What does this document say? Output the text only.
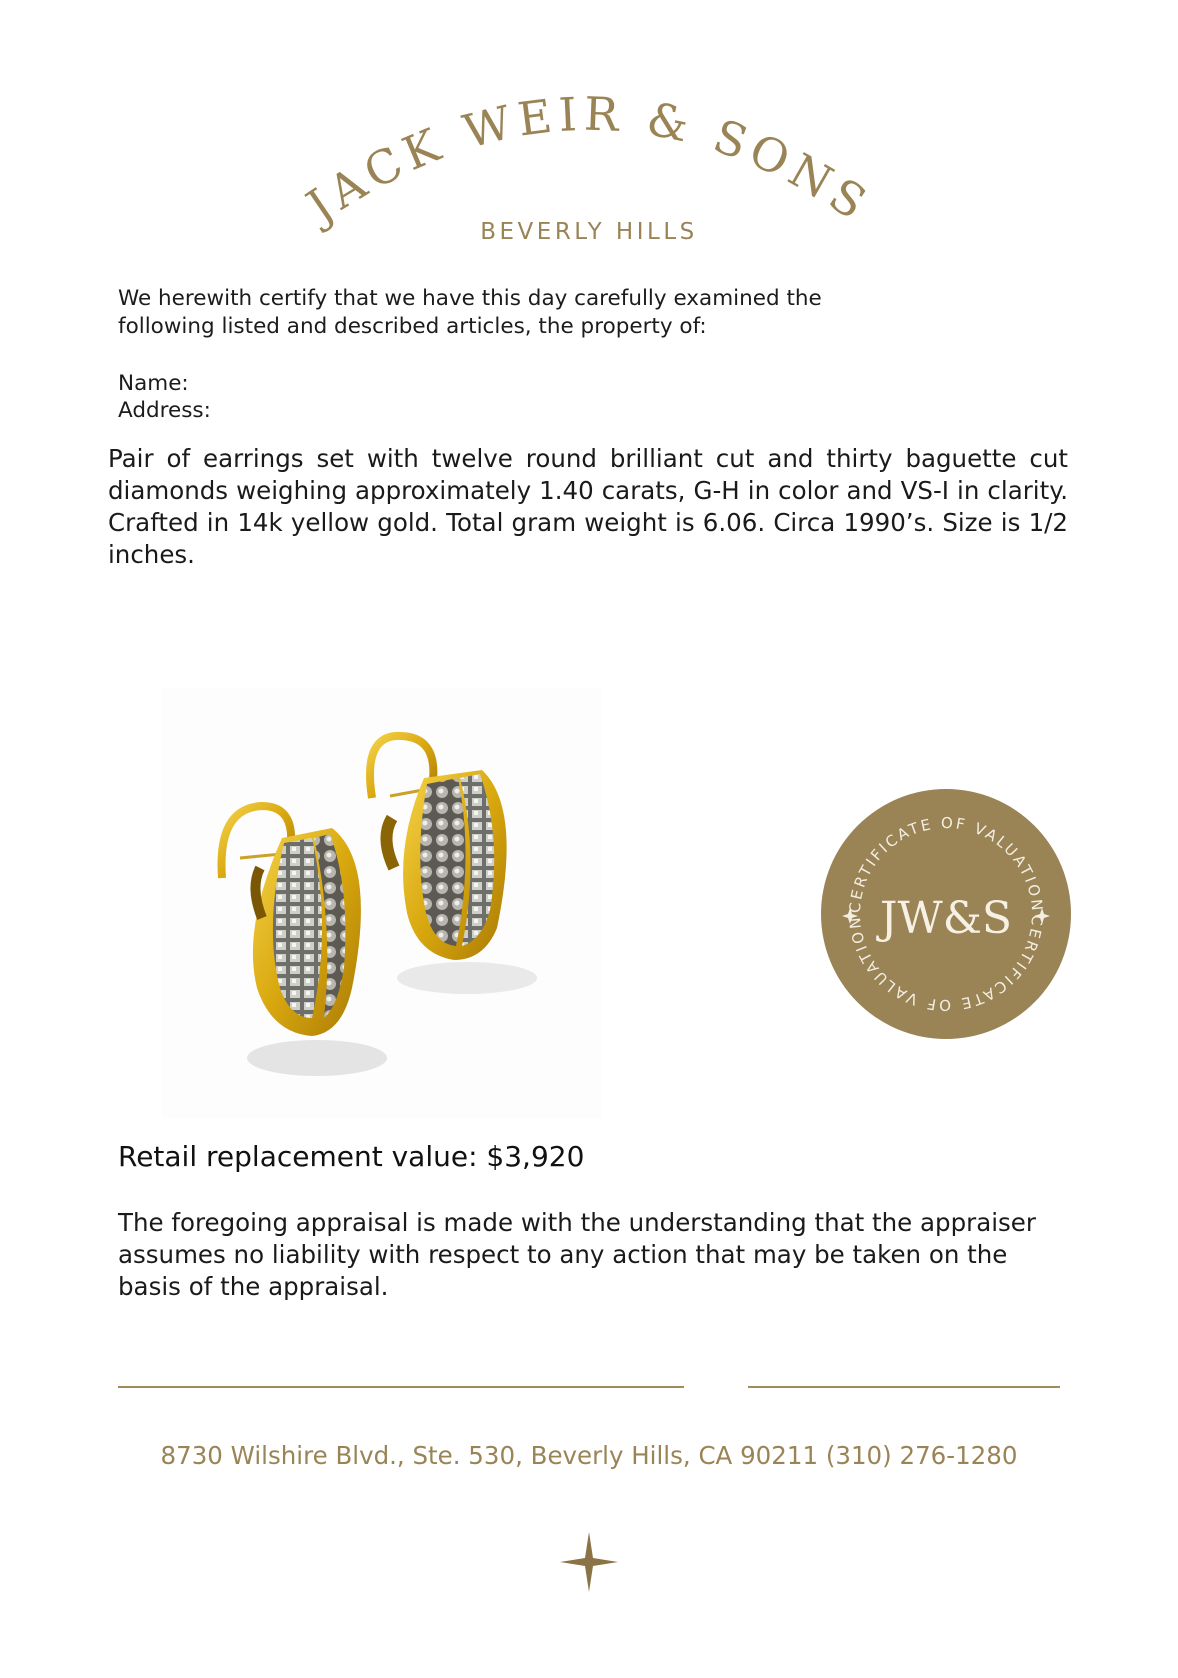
JACK WEIR & SONS
BEVERLY HILLS
We herewith certify that we have this day carefully examined the following listed and described articles, the property of:
Name:
Address:
Pair of earrings set with twelve round brilliant cut and thirty baguette cut diamonds weighing approximately 1.40 carats, G-H in color and VS-I in clarity. Crafted in 14k yellow gold. Total gram weight is 6.06. Circa 1990’s. Size is 1/2 inches.
CERTIFICATE OF VALUATION
CERTIFICATE OF VALUATION JW&S
Retail replacement value: $3,920
The foregoing appraisal is made with the understanding that the appraiser assumes no liability with respect to any action that may be taken on the basis of the appraisal.
8730 Wilshire Blvd., Ste. 530, Beverly Hills, CA 90211 (310) 276-1280
